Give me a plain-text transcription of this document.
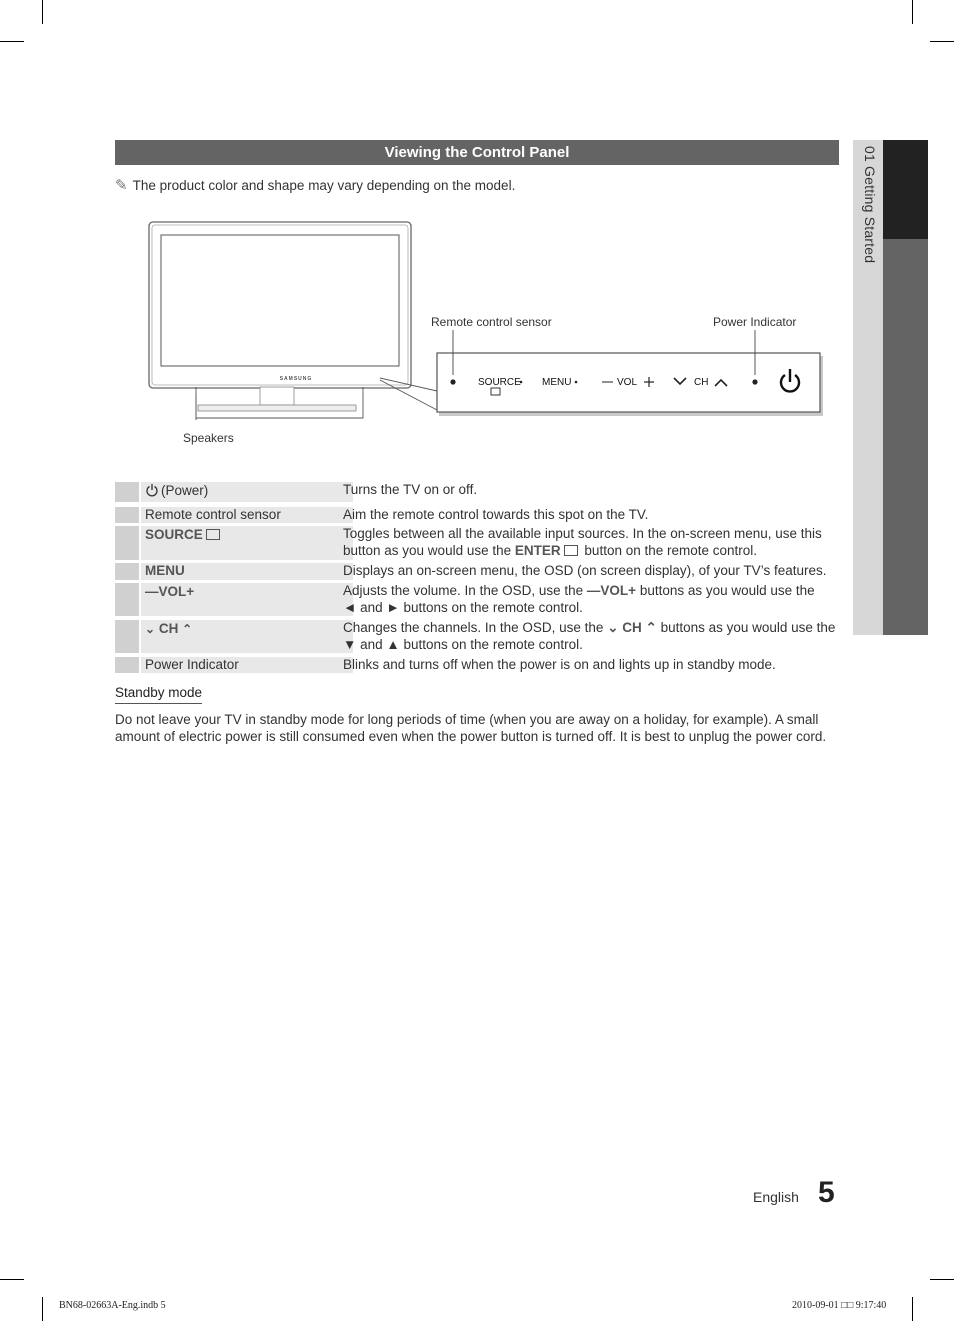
01 Getting Started
Viewing the Control Panel
✎ The product color and shape may vary depending on the model.
SAMSUNG
Remote control sensor	Power Indicator
Speakers
SOURCE MENU	VOL	CH
(Power)	Turns the TV on or off.
Remote control sensor	Aim the remote control towards this spot on the TV.
SOURCE	Toggles between all the available input sources. In the on-screen menu, use this button as you would use the ENTER button on the remote control.
MENU	Displays an on-screen menu, the OSD (on screen display), of your TV’s features.
—VOL+	Adjusts the volume. In the OSD, use the —VOL+ buttons as you would use the
◄ and ► buttons on the remote control.
⌄ CH ⌃	Changes the channels. In the OSD, use the ⌄ CH ⌃ buttons as you would use the
▼ and ▲ buttons on the remote control.
Power Indicator	Blinks and turns off when the power is on and lights up in standby mode.
Standby mode
Do not leave your TV in standby mode for long periods of time (when you are away on a holiday, for example). A small amount of electric power is still consumed even when the power button is turned off. It is best to unplug the power cord.
English 5
BN68-02663A-Eng.indb 5	2010-09-01 □□ 9:17:40
